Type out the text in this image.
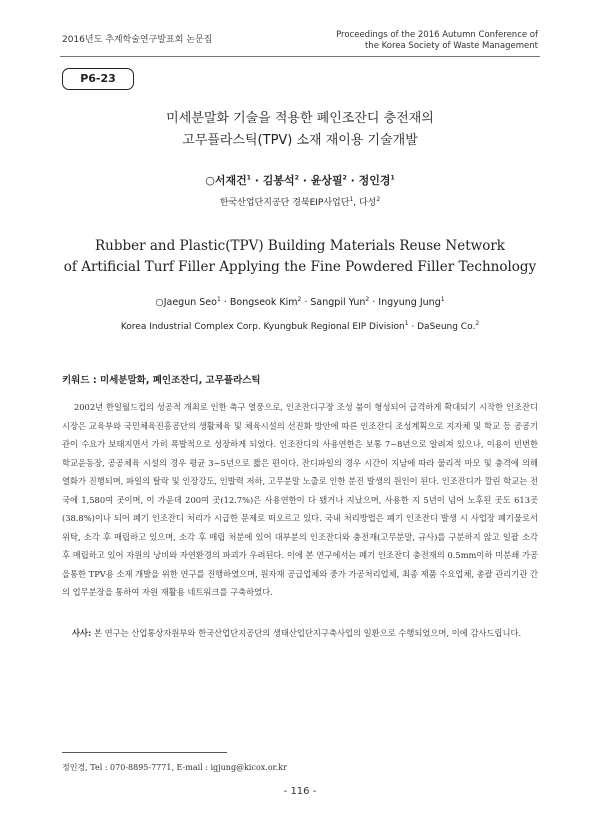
2016년도 추계학술연구발표회 논문집	Proceedings of the 2016 Autumn Conference of
the Korea Society of Waste Management
P6-23
미세분말화 기술을 적용한 폐인조잔디 충전재의
고무플라스틱(TPV) 소재 재이용 기술개발
○서재건$^1$ · 김봉석$^2$ · 윤상필$^2$ · 정인경$^1$
한국산업단지공단 경북EIP사업단$^1$, 다성$^2$
Rubber and Plastic(TPV) Building Materials Reuse Network
of Artificial Turf Filler Applying the Fine Powdered Filler Technology
○Jaegun Seo$^1$ · Bongseok Kim$^2$ · Sangpil Yun$^2$ · Ingyung Jung$^1$
Korea Industrial Complex Corp. Kyungbuk Regional EIP Division$^1$ · DaSeung Co.$^2$
키워드 : 미세분말화, 폐인조잔디, 고무플라스틱
2002년 한일월드컵의 성공적 개최로 인한 축구 열풍으로, 인조잔디구장 조성 붐이 형성되어 급격하게 확대되기 시작한 인조잔디시장은 교육부와 국민체육진흥공단의 생활체육 및 체육시설의 선진화 방안에 따른 인조잔디 조성계획으로 지자체 및 학교 등 공공기관이 수요가 보태지면서 가히 폭발적으로 성장하게 되었다. 인조잔디의 사용연한은 보통 7~8년으로 알려져 있으나, 이용이 빈번한 학교운동장, 공공체육 시설의 경우 평균 3~5년으로 짧은 편이다. 잔디파일의 경우 시간이 지남에 따라 물리적 마모 및 충격에 의해 열화가 진행되며, 파일의 탈락 및 인장강도, 인발력 저하, 고무분말 노출로 인한 분진 발생의 원인이 된다. 인조잔디가 깔린 학교는 전국에 1,580여 곳이며, 이 가운데 200여 곳(12.7%)은 사용연한이 다 됐거나 지났으며, 사용한 지 5년이 넘어 노후된 곳도 613곳(38.8%)이나 되어 폐기 인조잔디 처리가 시급한 문제로 떠오르고 있다. 국내 처리방법은 폐기 인조잔디 발생 시 사업장 폐기물로서 위탁, 소각 후 매립하고 있으며, 소각 후 매립 처분에 있어 대부분의 인조잔디와 충전재(고무분말, 규사)를 구분하지 않고 일괄 소각 후 매립하고 있어 자원의 낭비와 자연환경의 파괴가 우려된다. 이에 본 연구에서는 폐기 인조잔디 충전재의 0.5mm이하 미분쇄 가공을통한 TPV용 소재 개발을 위한 연구를 진행하였으며, 원자재 공급업체와 중가 가공처리업체, 최종 제품 수요업체, 총괄 관리기관 간의 업무분장을 통하여 자원 재활용 네트워크를 구축하였다.
사사: 본 연구는 산업통상자원부와 한국산업단지공단의 생태산업단지구축사업의 일환으로 수행되었으며, 이에 감사드립니다.
정인경, Tel : 070-8895-7771, E-mail : igjung@kicox.or.kr
- 116 -
